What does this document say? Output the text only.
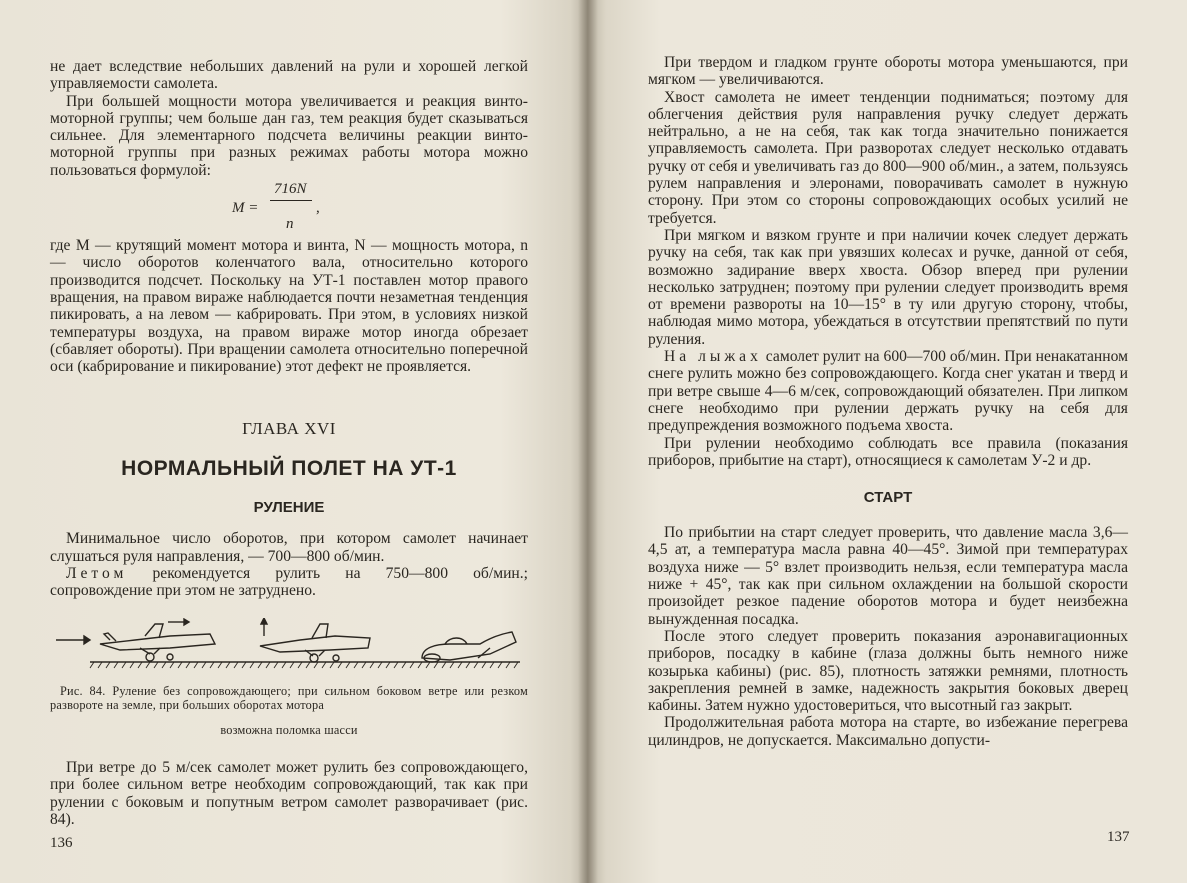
не дает вследствие небольших давлений на рули и хорошей легкой управляемости самолета.

При большей мощности мотора увеличивается и реакция винто-моторной группы; чем больше дан газ, тем реакция будет сказываться сильнее. Для элементарного подсчета величины реакции винто-моторной группы при разных режимах работы мотора можно пользоваться формулой:

M =
716N
n
,

где M — крутящий момент мотора и винта, N — мощность мотора, n — число оборотов коленчатого вала, относительно которого производится подсчет. Поскольку на УТ-1 поставлен мотор правого вращения, на правом вираже наблюдается почти незаметная тенденция пикировать, а на левом — кабрировать. При этом, в условиях низкой температуры воздуха, на правом вираже мотор иногда обрезает (сбавляет обороты). При вращении самолета относительно поперечной оси (кабрирование и пикирование) этот дефект не проявляется.

ГЛАВА XVI
НОРМАЛЬНЫЙ ПОЛЕТ НА УТ-1
РУЛЕНИЕ

Минимальное число оборотов, при котором самолет начинает слушаться руля направления, — 700—800 об/мин.

Летом рекомендуется рулить на 750—800 об/мин.; сопровождение при этом не затруднено.

Рис. 84. Руление без сопровождающего; при сильном боковом ветре или резком развороте на земле, при больших оборотах мотора
возможна поломка шасси

При ветре до 5 м/сек самолет может рулить без сопровождающего, при более сильном ветре необходим сопровождающий, так как при рулении с боковым и попутным ветром самолет разворачивает (рис. 84).

136

При твердом и гладком грунте обороты мотора уменьшаются, при мягком — увеличиваются.

Хвост самолета не имеет тенденции подниматься; поэтому для облегчения действия руля направления ручку следует держать нейтрально, а не на себя, так как тогда значительно понижается управляемость самолета. При разворотах следует несколько отдавать ручку от себя и увеличивать газ до 800—900 об/мин., а затем, пользуясь рулем направления и элеронами, поворачивать самолет в нужную сторону. При этом со стороны сопровождающих особых усилий не требуется.

При мягком и вязком грунте и при наличии кочек следует держать ручку на себя, так как при увязших колесах и ручке, данной от себя, возможно задирание вверх хвоста. Обзор вперед при рулении несколько затруднен; поэтому при рулении следует производить время от времени развороты на 10—15° в ту или другую сторону, чтобы, наблюдая мимо мотора, убеждаться в отсутствии препятствий по пути руления.

На лыжах самолет рулит на 600—700 об/мин. При ненакатанном снеге рулить можно без сопровождающего. Когда снег укатан и тверд и при ветре свыше 4—6 м/сек, сопровождающий обязателен. При липком снеге необходимо при рулении держать ручку на себя для предупреждения возможного подъема хвоста.

При рулении необходимо соблюдать все правила (показания приборов, прибытие на старт), относящиеся к самолетам У-2 и др.

СТАРТ

По прибытии на старт следует проверить, что давление масла 3,6—4,5 ат, а температура масла равна 40—45°. Зимой при температурах воздуха ниже — 5° взлет производить нельзя, если температура масла ниже + 45°, так как при сильном охлаждении на большой скорости произойдет резкое падение оборотов мотора и будет неизбежна вынужденная посадка.

После этого следует проверить показания аэронавигационных приборов, посадку в кабине (глаза должны быть немного ниже козырька кабины) (рис. 85), плотность затяжки ремнями, плотность закрепления ремней в замке, надежность закрытия боковых дверец кабины. Затем нужно удостовериться, что высотный газ закрыт.

Продолжительная работа мотора на старте, во избежание перегрева цилиндров, не допускается. Максимально допусти-

137
